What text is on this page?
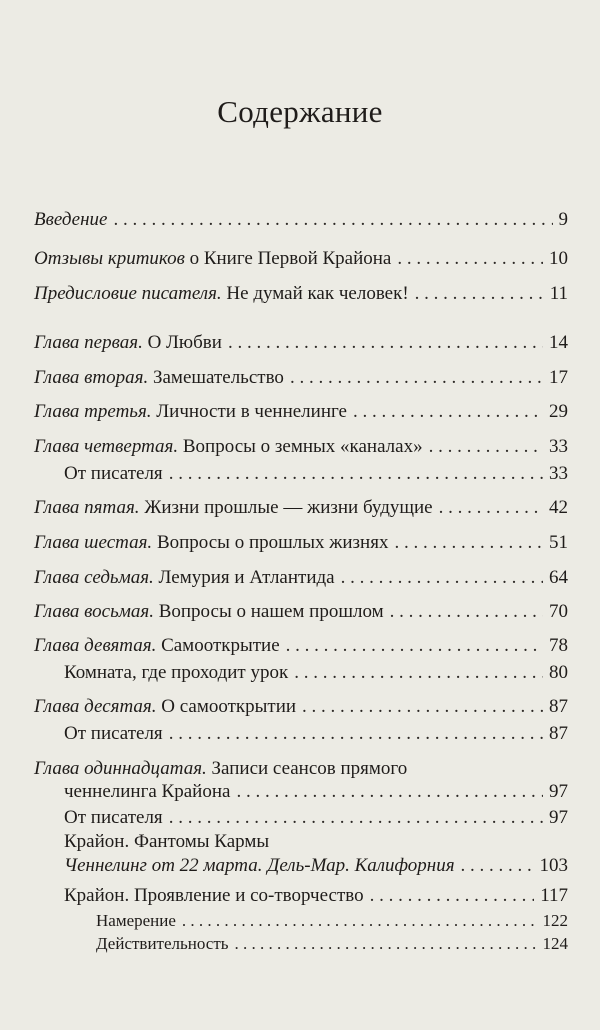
Содержание
Введение . . .	9
Отзывы критиков о Книге Первой Крайона . . .	10
Предисловие писателя. Не думай как человек! . . .	11
Глава первая. О Любви . . .	14
Глава вторая. Замешательство . . .	17
Глава третья. Личности в ченнелинге . . .	29
Глава четвертая. Вопросы о земных «каналах» . . .	33
От писателя . . .	33
Глава пятая. Жизни прошлые — жизни будущие . . .	42
Глава шестая. Вопросы о прошлых жизнях . . .	51
Глава седьмая. Лемурия и Атлантида . . .	64
Глава восьмая. Вопросы о нашем прошлом . . .	70
Глава девятая. Самооткрытие . . .	78
Комната, где проходит урок . . .	80
Глава десятая. О самооткрытии . . .	87
От писателя . . .	87
Глава одиннадцатая. Записи сеансов прямого
ченнелинга Крайона . . .	97
От писателя . . .	97
Крайон. Фантомы Кармы
Ченнелинг от 22 марта. Дель-Мар. Калифорния . . .	103
Крайон. Проявление и со-творчество . . .	117
Намерение . . .	122
Действительность . . .	124
